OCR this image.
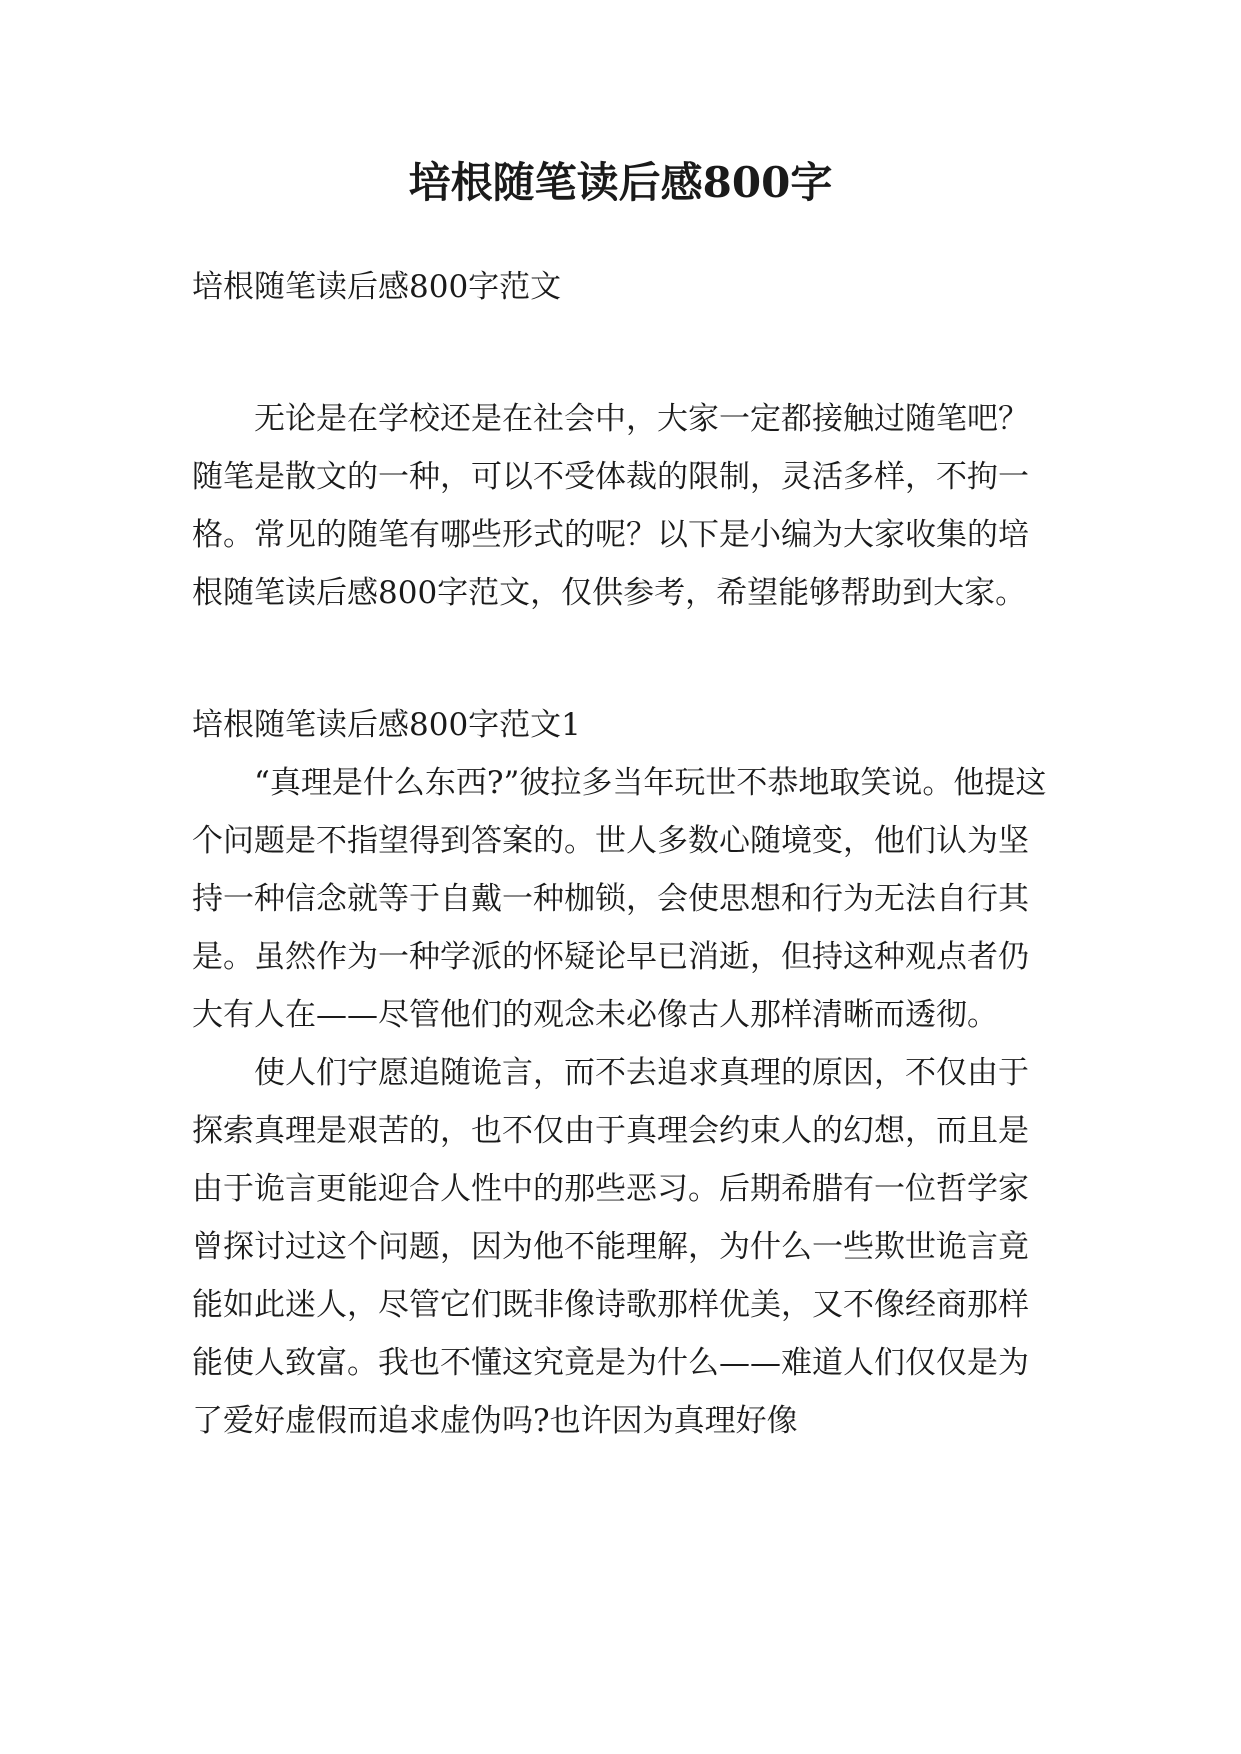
培根随笔读后感800字

培根随笔读后感800字范文

无论是在学校还是在社会中，大家一定都接触过随笔吧？随笔是散文的一种，可以不受体裁的限制，灵活多样，不拘一格。常见的随笔有哪些形式的呢？以下是小编为大家收集的培根随笔读后感800字范文，仅供参考，希望能够帮助到大家。

培根随笔读后感800字范文1

“真理是什么东西?”彼拉多当年玩世不恭地取笑说。他提这个问题是不指望得到答案的。世人多数心随境变，他们认为坚持一种信念就等于自戴一种枷锁，会使思想和行为无法自行其是。虽然作为一种学派的怀疑论早已消逝，但持这种观点者仍大有人在——尽管他们的观念未必像古人那样清晰而透彻。

使人们宁愿追随诡言，而不去追求真理的原因，不仅由于探索真理是艰苦的，也不仅由于真理会约束人的幻想，而且是由于诡言更能迎合人性中的那些恶习。后期希腊有一位哲学家曾探讨过这个问题，因为他不能理解，为什么一些欺世诡言竟能如此迷人，尽管它们既非像诗歌那样优美，又不像经商那样能使人致富。我也不懂这究竟是为什么——难道人们仅仅是为了爱好虚假而追求虚伪吗?也许因为真理好像
